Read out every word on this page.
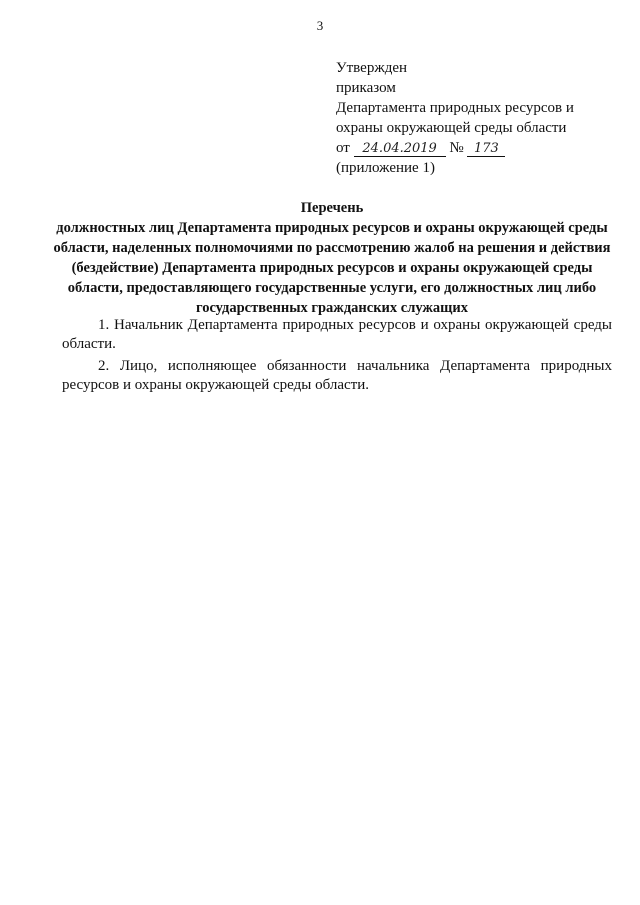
3
Утвержден
приказом
Департамента природных ресурсов и
охраны окружающей среды области
от 24.04.2019 № 173
(приложение 1)
Перечень
должностных лиц Департамента природных ресурсов и охраны окружающей среды области, наделенных полномочиями по рассмотрению жалоб на решения и действия (бездействие) Департамента природных ресурсов и охраны окружающей среды области, предоставляющего государственные услуги, его должностных лиц либо государственных гражданских служащих

1. Начальник Департамента природных ресурсов и охраны окружающей среды области.

2. Лицо, исполняющее обязанности начальника Департамента природных ресурсов и охраны окружающей среды области.
